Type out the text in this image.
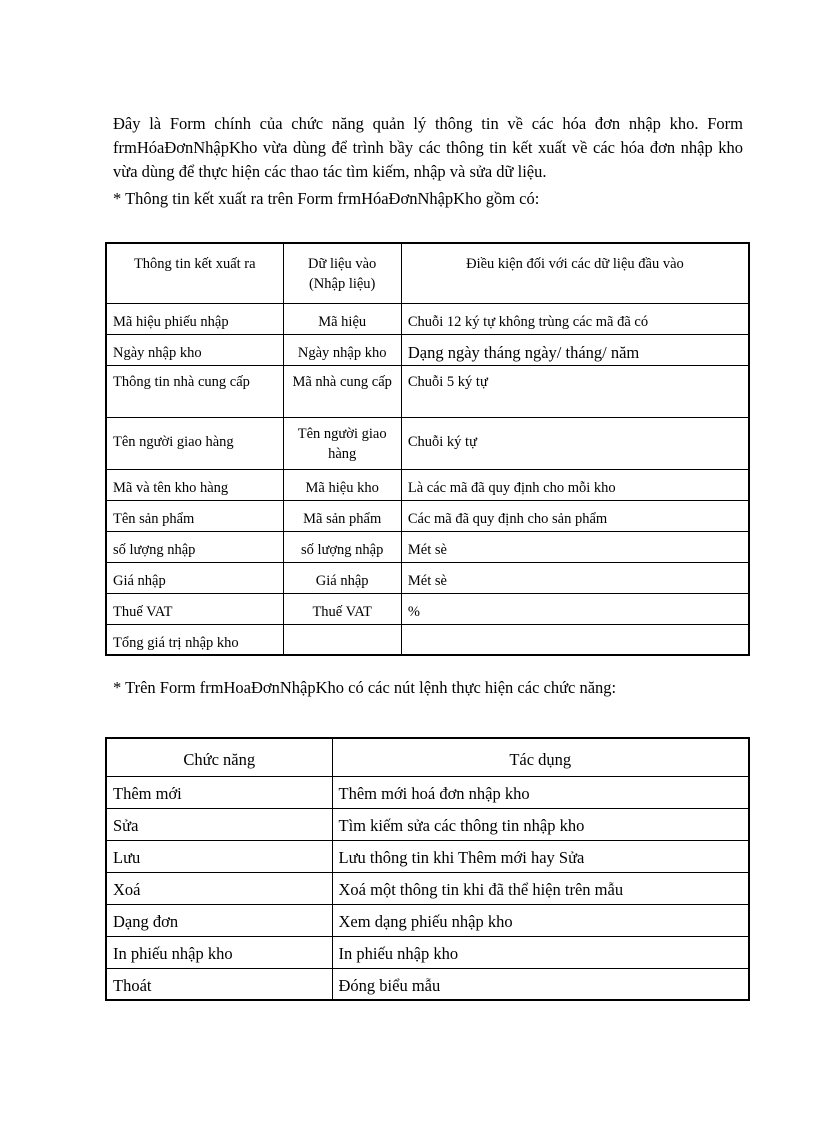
Đây là Form chính của chức năng quản lý thông tin về các hóa đơn nhập kho. Form frmHóaĐơnNhậpKho vừa dùng để trình bầy các thông tin kết xuất về các hóa đơn nhập kho vừa dùng để thực hiện các thao tác tìm kiếm, nhập và sửa dữ liệu.

* Thông tin kết xuất ra trên Form frmHóaĐơnNhậpKho gồm có:

Thông tin kết xuất ra	Dữ liệu vào (Nhập liệu)	Điều kiện đối với các dữ liệu đầu vào
Mã hiệu phiếu nhập	Mã hiệu	Chuỗi 12 ký tự không trùng các mã đã có
Ngày nhập kho	Ngày nhập kho	Dạng ngày tháng ngày/ tháng/ năm
Thông tin nhà cung cấp	Mã nhà cung cấp	Chuỗi 5 ký tự
Tên người giao hàng	Tên người giao hàng	Chuỗi ký tự
Mã và tên kho hàng	Mã hiệu kho	Là các mã đã quy định cho mỗi kho
Tên sản phẩm	Mã sản phẩm	Các mã đã quy định cho sản phẩm
số lượng nhập	số lượng nhập	Mét sè
Giá nhập	Giá nhập	Mét sè
Thuế VAT	Thuế VAT	%
Tổng giá trị nhập kho		

* Trên Form frmHoaĐơnNhậpKho có các nút lệnh thực hiện các chức năng:

Chức năng	Tác dụng
Thêm mới	Thêm mới hoá đơn nhập kho
Sửa	Tìm kiếm sửa các thông tin nhập kho
Lưu	Lưu thông tin khi Thêm mới hay Sửa
Xoá	Xoá một thông tin khi đã thể hiện trên mẫu
Dạng đơn	Xem dạng phiếu nhập kho
In phiếu nhập kho	In phiếu nhập kho
Thoát	Đóng biểu mẫu
